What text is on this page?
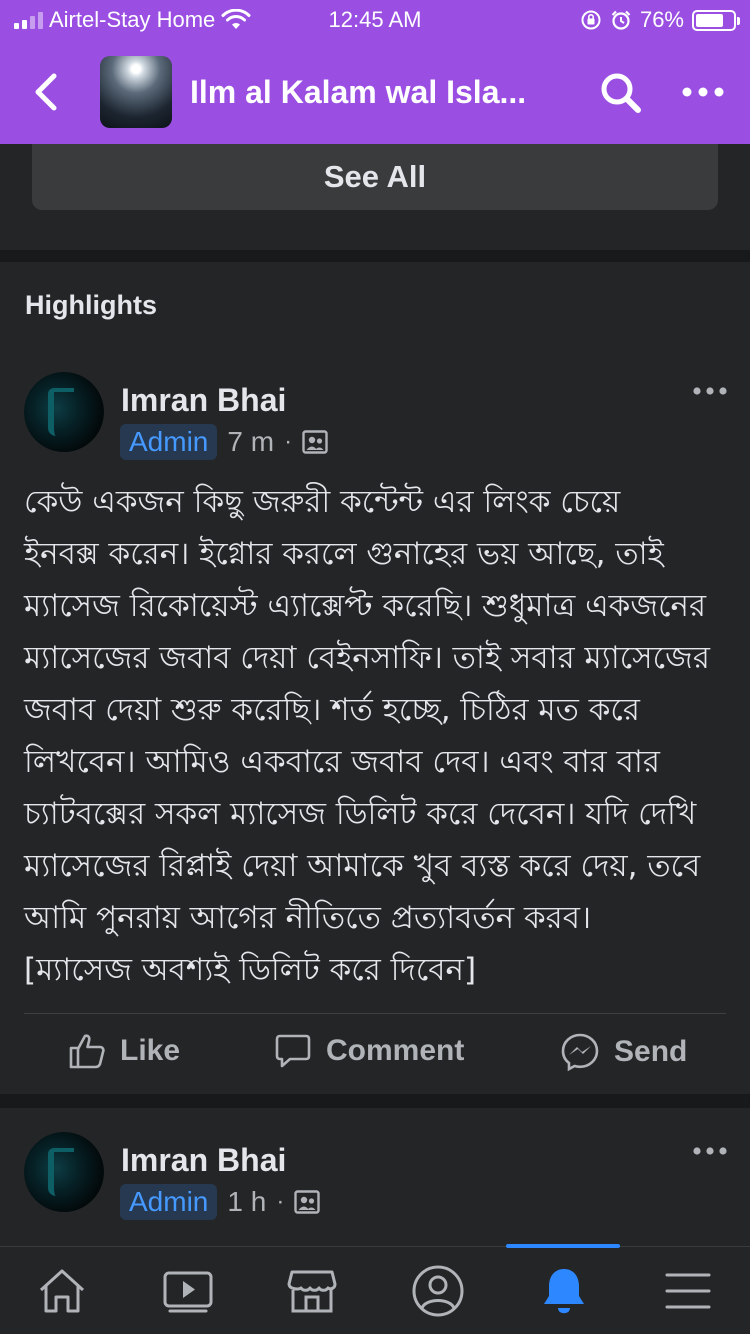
Airtel-Stay Home	12:45 AM	76%
Ilm al Kalam wal Isla...
See All
Highlights
Imran Bhai
Admin 7 m ·
কেউ একজন কিছু জরুরী কন্টেন্ট এর লিংক চেয়ে
ইনবক্স করেন। ইগ্নোর করলে গুনাহের ভয় আছে, তাই
ম্যাসেজ রিকোয়েস্ট এ্যাক্সেপ্ট করেছি। শুধুমাত্র একজনের
ম্যাসেজের জবাব দেয়া বেইনসাফি। তাই সবার ম্যাসেজের
জবাব দেয়া শুরু করেছি। শর্ত হচ্ছে, চিঠির মত করে
লিখবেন। আমিও একবারে জবাব দেব। এবং বার বার
চ্যাটবক্সের সকল ম্যাসেজ ডিলিট করে দেবেন। যদি দেখি
ম্যাসেজের রিপ্লাই দেয়া আমাকে খুব ব্যস্ত করে দেয়, তবে
আমি পুনরায় আগের নীতিতে প্রত্যাবর্তন করব।
[ম্যাসেজ অবশ্যই ডিলিট করে দিবেন]
Like	Comment	Send
Imran Bhai
Admin 1 h ·
